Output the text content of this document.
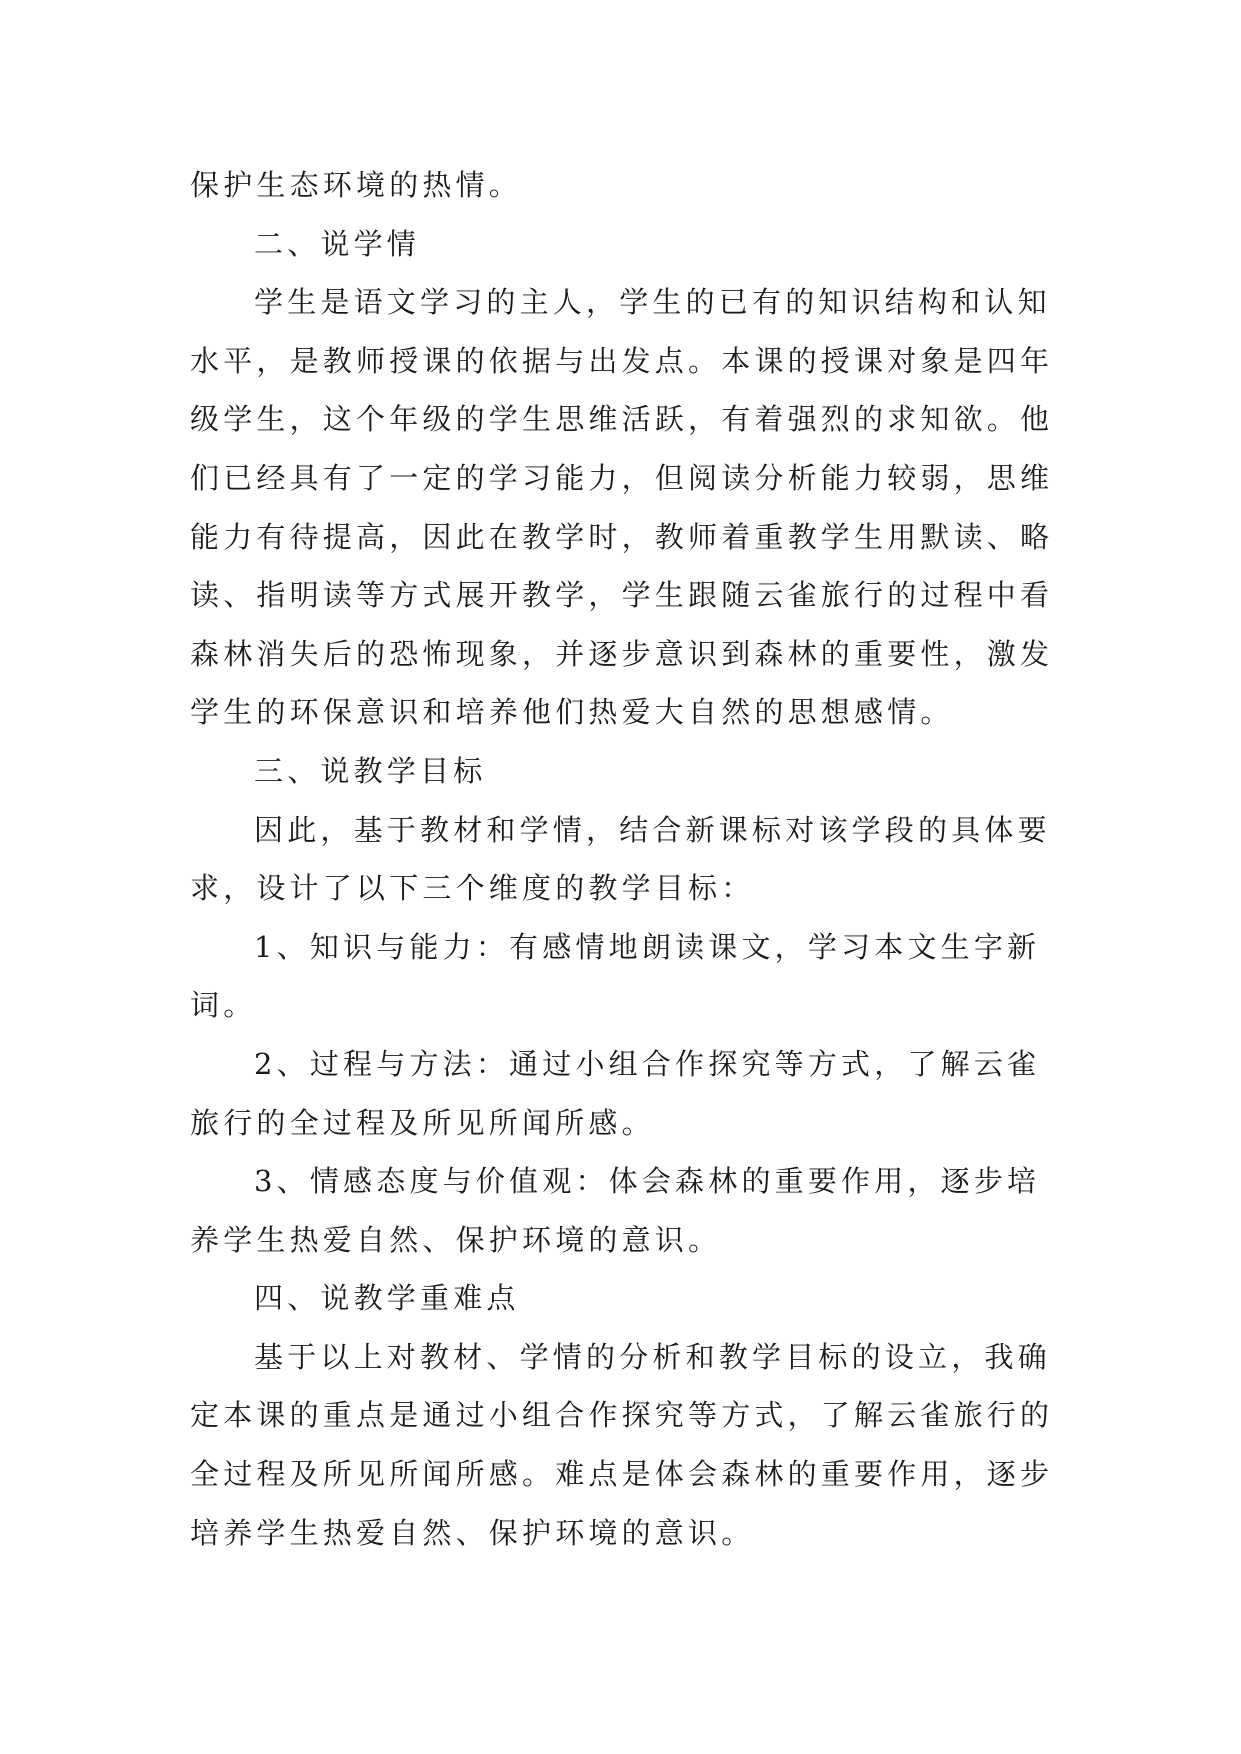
保护生态环境的热情。
二、说学情
学生是语文学习的主人，学生的已有的知识结构和认知
水平，是教师授课的依据与出发点。本课的授课对象是四年
级学生，这个年级的学生思维活跃，有着强烈的求知欲。他
们已经具有了一定的学习能力，但阅读分析能力较弱，思维
能力有待提高，因此在教学时，教师着重教学生用默读、略
读、指明读等方式展开教学，学生跟随云雀旅行的过程中看
森林消失后的恐怖现象，并逐步意识到森林的重要性，激发
学生的环保意识和培养他们热爱大自然的思想感情。
三、说教学目标
因此，基于教材和学情，结合新课标对该学段的具体要
求，设计了以下三个维度的教学目标：
1、知识与能力：有感情地朗读课文，学习本文生字新
词。
2、过程与方法：通过小组合作探究等方式，了解云雀
旅行的全过程及所见所闻所感。
3、情感态度与价值观：体会森林的重要作用，逐步培
养学生热爱自然、保护环境的意识。
四、说教学重难点
基于以上对教材、学情的分析和教学目标的设立，我确
定本课的重点是通过小组合作探究等方式，了解云雀旅行的
全过程及所见所闻所感。难点是体会森林的重要作用，逐步
培养学生热爱自然、保护环境的意识。
